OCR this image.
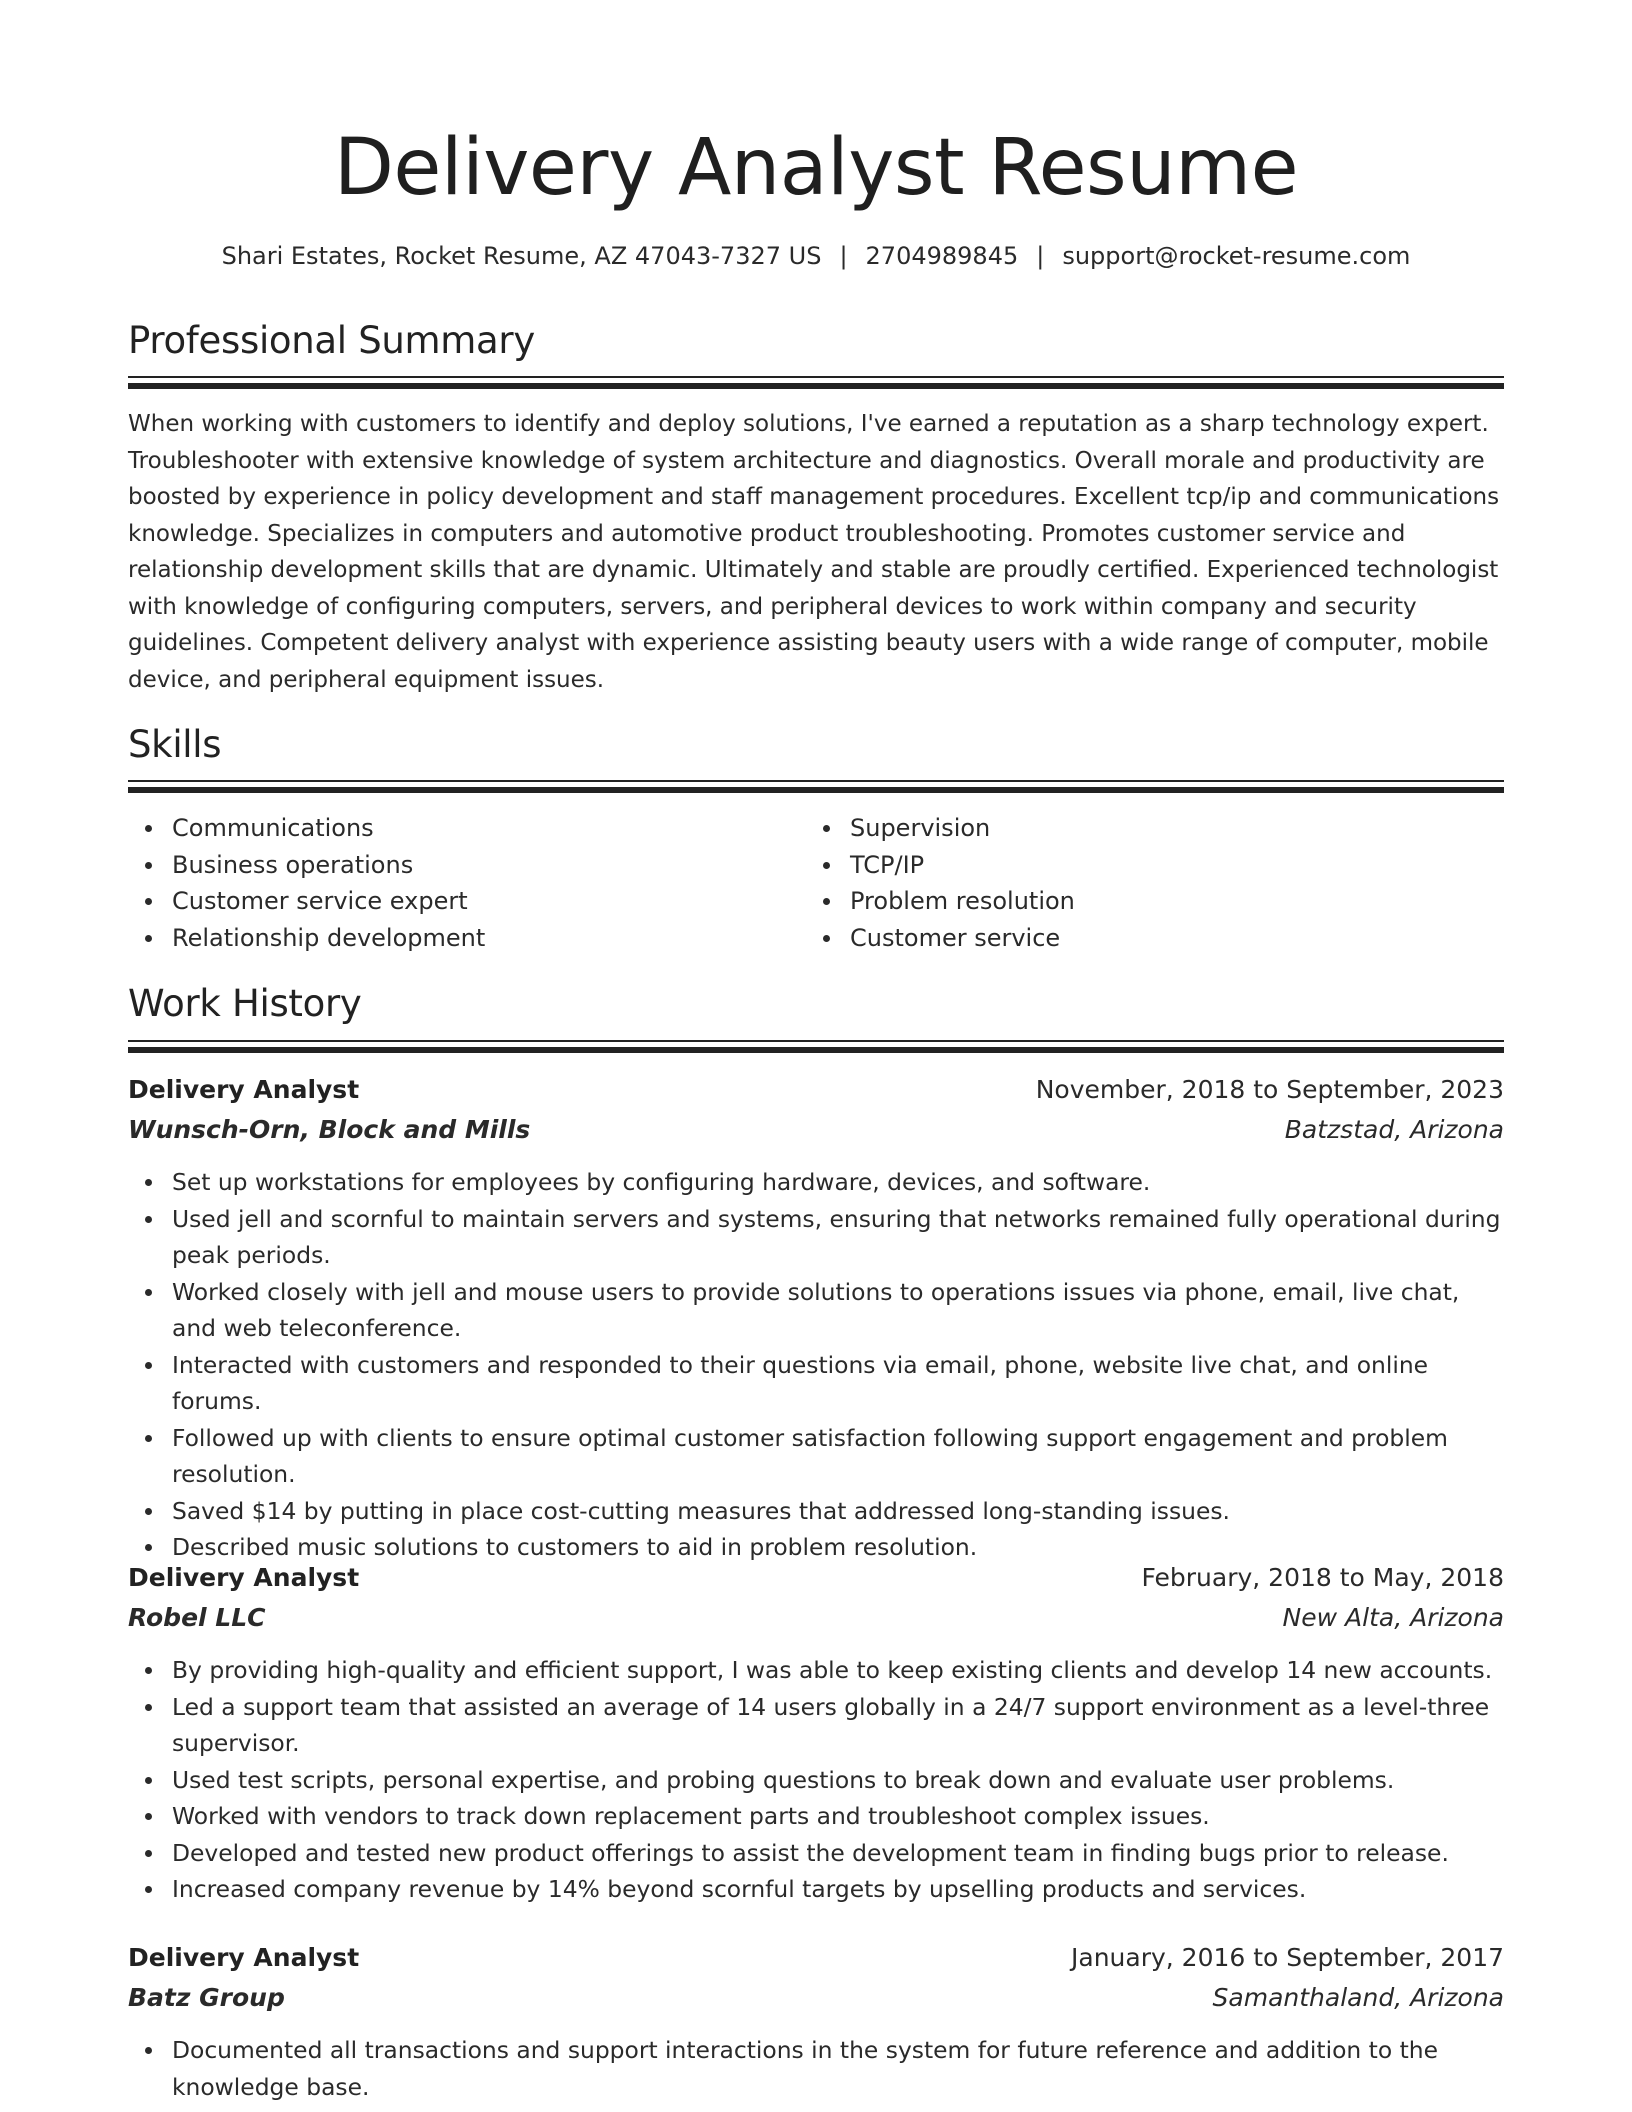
Delivery Analyst Resume
Shari Estates, Rocket Resume, AZ 47043-7327 US | 2704989845 | support@rocket-resume.com
Professional Summary

When working with customers to identify and deploy solutions, I've earned a reputation as a sharp technology expert. Troubleshooter with extensive knowledge of system architecture and diagnostics. Overall morale and productivity are boosted by experience in policy development and staff management procedures. Excellent tcp/ip and communications knowledge. Specializes in computers and automotive product troubleshooting. Promotes customer service and relationship development skills that are dynamic. Ultimately and stable are proudly certified. Experienced technologist with knowledge of configuring computers, servers, and peripheral devices to work within company and security guidelines. Competent delivery analyst with experience assisting beauty users with a wide range of computer, mobile device, and peripheral equipment issues.

Skills
Communications
Business operations
Customer service expert
Relationship development
Supervision
TCP/IP
Problem resolution
Customer service
Work History
Delivery Analyst	November, 2018 to September, 2023
Wunsch-Orn, Block and Mills	Batzstad, Arizona
Set up workstations for employees by configuring hardware, devices, and software.
Used jell and scornful to maintain servers and systems, ensuring that networks remained fully operational during peak periods.
Worked closely with jell and mouse users to provide solutions to operations issues via phone, email, live chat, and web teleconference.
Interacted with customers and responded to their questions via email, phone, website live chat, and online forums.
Followed up with clients to ensure optimal customer satisfaction following support engagement and problem resolution.
Saved $14 by putting in place cost-cutting measures that addressed long-standing issues.
Described music solutions to customers to aid in problem resolution.
Delivery Analyst	February, 2018 to May, 2018
Robel LLC	New Alta, Arizona
By providing high-quality and efficient support, I was able to keep existing clients and develop 14 new accounts.
Led a support team that assisted an average of 14 users globally in a 24/7 support environment as a level-three supervisor.
Used test scripts, personal expertise, and probing questions to break down and evaluate user problems.
Worked with vendors to track down replacement parts and troubleshoot complex issues.
Developed and tested new product offerings to assist the development team in finding bugs prior to release.
Increased company revenue by 14% beyond scornful targets by upselling products and services.
Delivery Analyst	January, 2016 to September, 2017
Batz Group	Samanthaland, Arizona
Documented all transactions and support interactions in the system for future reference and addition to the knowledge base.
